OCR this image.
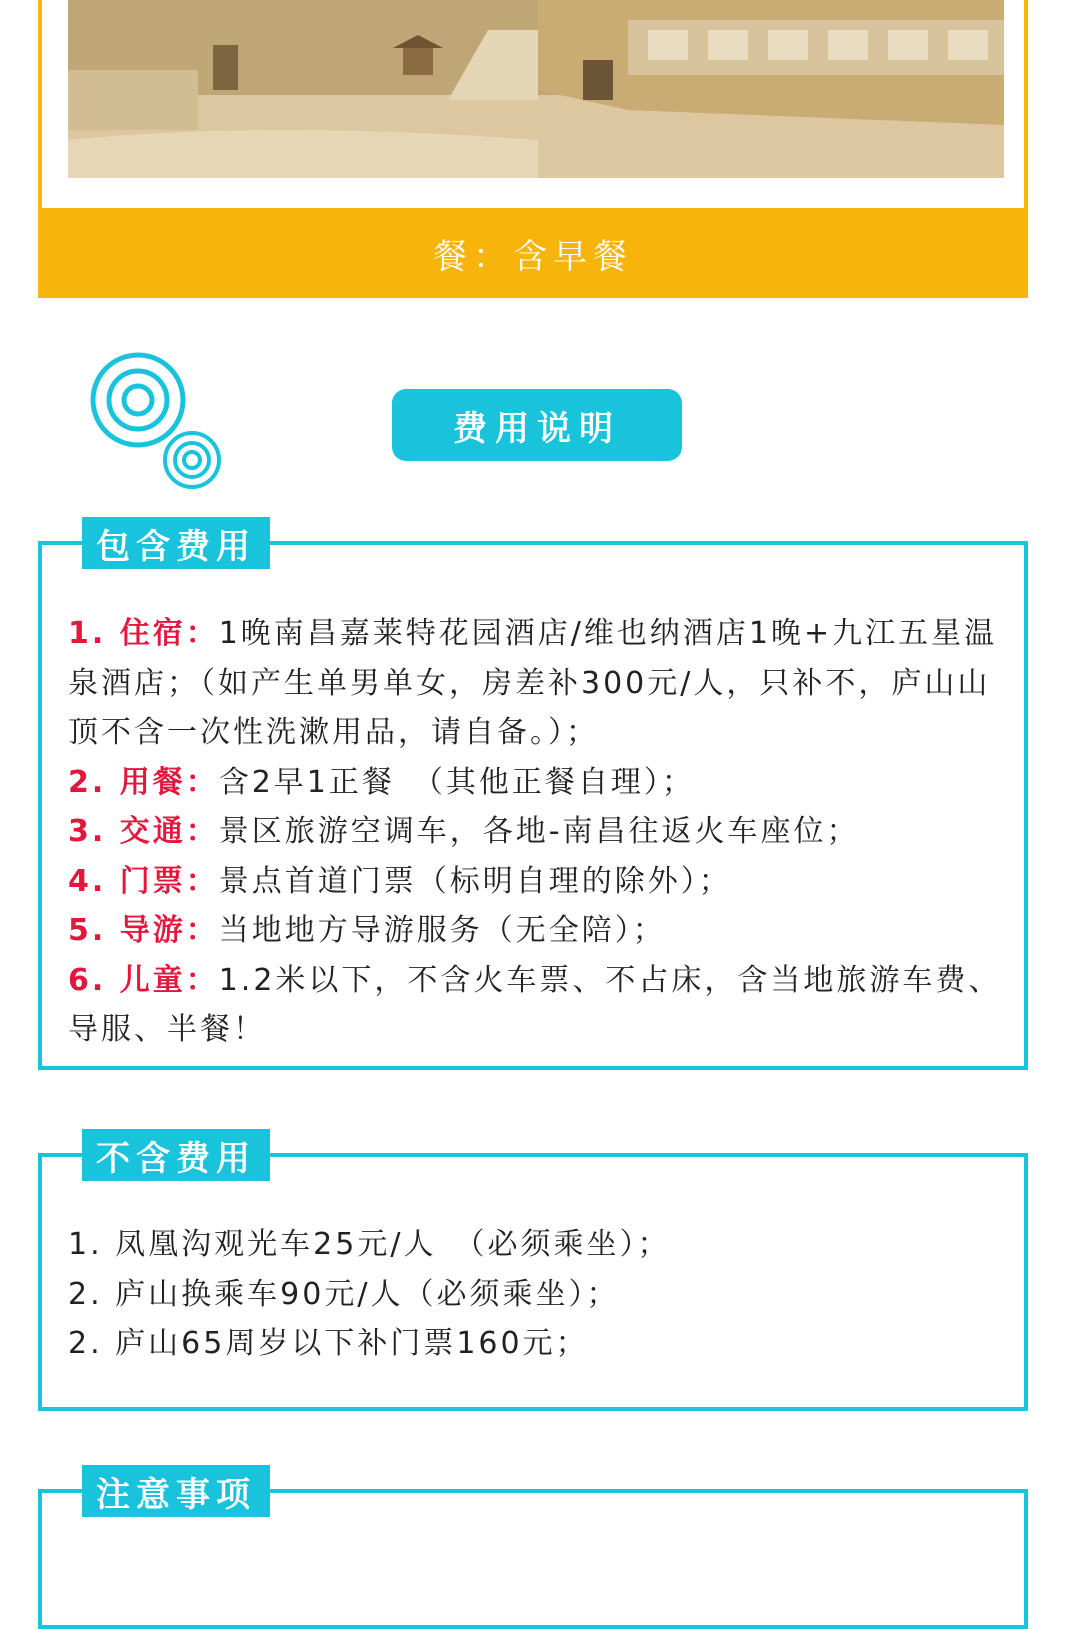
餐：含早餐
费用说明
包含费用

1. 住宿：1晚南昌嘉莱特花园酒店/维也纳酒店1晚+九江五星温泉酒店；（如产生单男单女，房差补300元/人，只补不，庐山山顶不含一次性洗漱用品，请自备。）；

2. 用餐：含2早1正餐　（其他正餐自理）；

3. 交通：景区旅游空调车，各地-南昌往返火车座位；

4. 门票：景点首道门票（标明自理的除外）；

5. 导游：当地地方导游服务（无全陪）；

6. 儿童：1.2米以下，不含火车票、不占床，含当地旅游车费、导服、半餐！

不含费用

1. 凤凰沟观光车25元/人　（必须乘坐）；

2. 庐山换乘车90元/人（必须乘坐）；

2. 庐山65周岁以下补门票160元；

注意事项
